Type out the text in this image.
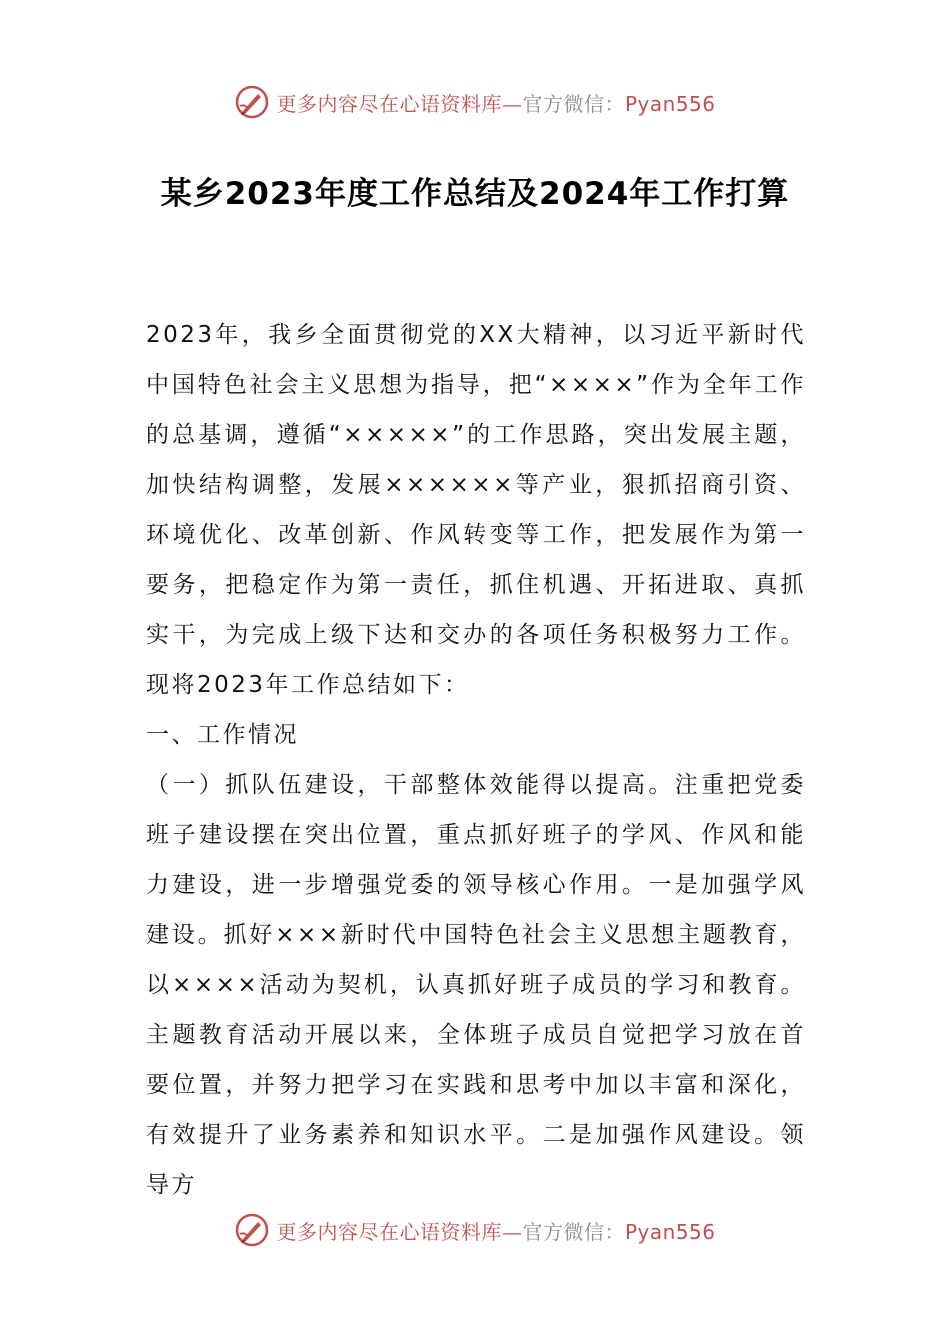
更多内容尽在心语资料库—官方微信：Pyan556
某乡2023年度工作总结及2024年工作打算

2023年，我乡全面贯彻党的XX大精神，以习近平新时代中国特色社会主义思想为指导，把“××××”作为全年工作的总基调，遵循“×××××”的工作思路，突出发展主题，加快结构调整，发展××××××等产业，狠抓招商引资、环境优化、改革创新、作风转变等工作，把发展作为第一要务，把稳定作为第一责任，抓住机遇、开拓进取、真抓实干，为完成上级下达和交办的各项任务积极努力工作。现将2023年工作总结如下：

一、工作情况

（一）抓队伍建设，干部整体效能得以提高。注重把党委班子建设摆在突出位置，重点抓好班子的学风、作风和能力建设，进一步增强党委的领导核心作用。一是加强学风建设。抓好×××新时代中国特色社会主义思想主题教育，以××××活动为契机，认真抓好班子成员的学习和教育。主题教育活动开展以来，全体班子成员自觉把学习放在首要位置，并努力把学习在实践和思考中加以丰富和深化，有效提升了业务素养和知识水平。二是加强作风建设。领导方

更多内容尽在心语资料库—官方微信：Pyan556
